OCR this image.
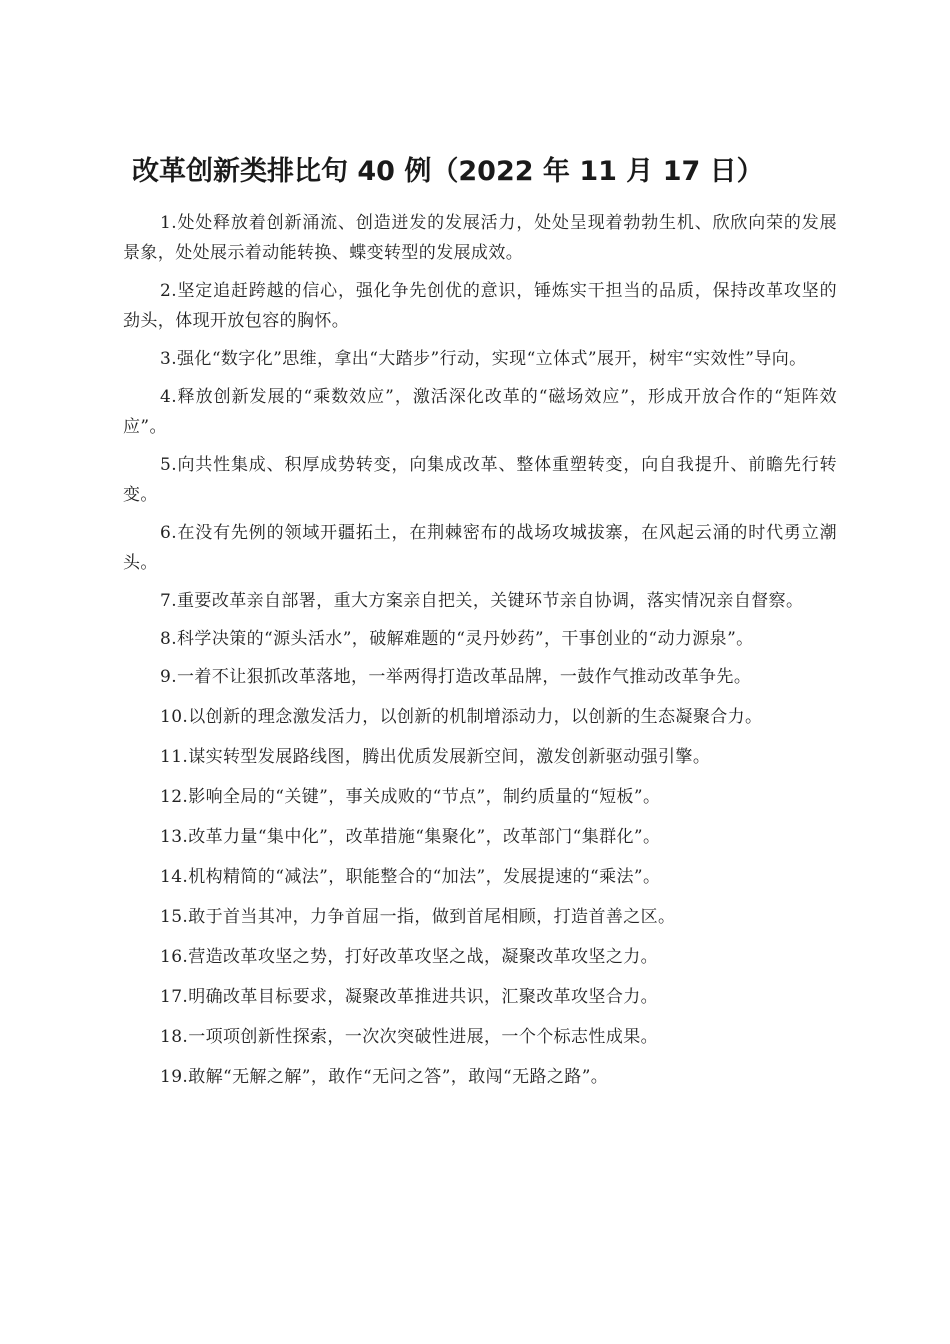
改革创新类排比句 40 例（2022 年 11 月 17 日）

1.处处释放着创新涌流、创造迸发的发展活力，处处呈现着勃勃生机、欣欣向荣的发展景象，处处展示着动能转换、蝶变转型的发展成效。

2.坚定追赶跨越的信心，强化争先创优的意识，锤炼实干担当的品质，保持改革攻坚的劲头，体现开放包容的胸怀。

3.强化“数字化”思维，拿出“大踏步”行动，实现“立体式”展开，树牢“实效性”导向。

4.释放创新发展的“乘数效应”，激活深化改革的“磁场效应”，形成开放合作的“矩阵效应”。

5.向共性集成、积厚成势转变，向集成改革、整体重塑转变，向自我提升、前瞻先行转变。

6.在没有先例的领域开疆拓土，在荆棘密布的战场攻城拔寨，在风起云涌的时代勇立潮头。

7.重要改革亲自部署，重大方案亲自把关，关键环节亲自协调，落实情况亲自督察。

8.科学决策的“源头活水”，破解难题的“灵丹妙药”，干事创业的“动力源泉”。

9.一着不让狠抓改革落地，一举两得打造改革品牌，一鼓作气推动改革争先。

10.以创新的理念激发活力，以创新的机制增添动力，以创新的生态凝聚合力。

11.谋实转型发展路线图，腾出优质发展新空间，激发创新驱动强引擎。

12.影响全局的“关键”，事关成败的“节点”，制约质量的“短板”。

13.改革力量“集中化”，改革措施“集聚化”，改革部门“集群化”。

14.机构精简的“减法”，职能整合的“加法”，发展提速的“乘法”。

15.敢于首当其冲，力争首屈一指，做到首尾相顾，打造首善之区。

16.营造改革攻坚之势，打好改革攻坚之战，凝聚改革攻坚之力。

17.明确改革目标要求，凝聚改革推进共识，汇聚改革攻坚合力。

18.一项项创新性探索，一次次突破性进展，一个个标志性成果。

19.敢解“无解之解”，敢作“无问之答”，敢闯“无路之路”。
